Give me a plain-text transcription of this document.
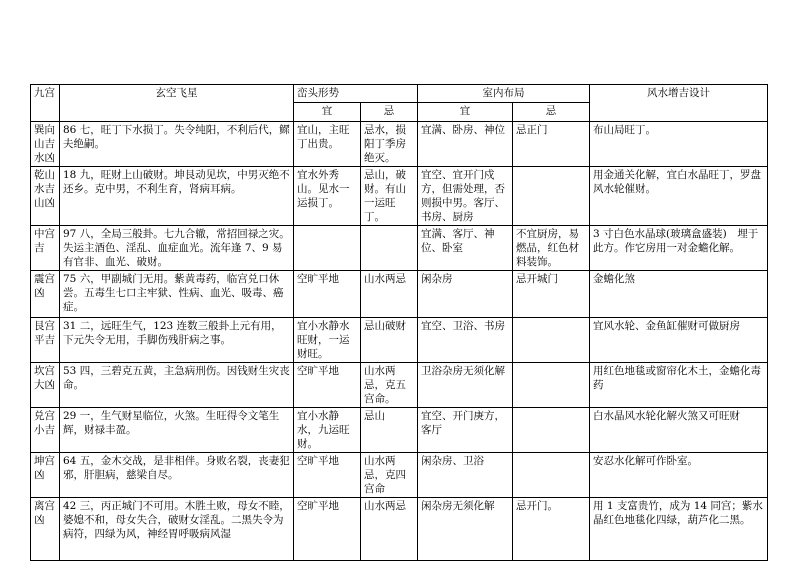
九宫	玄空飞星	峦头形势		室内布局		风水增吉设计
		宜	忌	宜	忌	
巽向山吉水凶	86 七，旺丁下水损丁。失令纯阳，不利后代，鳏夫绝嗣。	宜山，主旺丁出贵。	忌水，损阳丁季房绝灭。	宜满、卧房、神位	忌正门	布山局旺丁。
乾山水吉山凶	18 九，旺财上山破财。坤艮动见坎，中男灭绝不还乡。克中男，不利生育，肾病耳病。	宜水外秀山。见水一运损丁。	忌山，破财。有山一运旺丁。	宜空、宜开门戍方，但需处理，否则损中男。客厅、书房、厨房		用金通关化解，宜白水晶旺丁，罗盘风水轮催财。
中宫吉	97 八，全局三般卦。七九合辙，常招回禄之灾。失运主酒色、淫乱、血症血光。流年逢 7、9 易有官非、血光、破财。			宜满、客厅、神位、卧室	不宜厨房，易燃品，红色材料装饰。	3 寸白色水晶球(玻璃盒盛装)　埋于此方。作它房用一对金蟾化解。
震宫凶	75 六，甲副城门无用。紫黄毒药，临宫兑口休尝。五毒生七口主牢狱、性病、血光、吸毒、癌症。	空旷平地	山水两忌	闲杂房	忌开城门	金蟾化煞
艮宫平吉	31 二，远旺生气，123 连数三般卦上元有用，下元失令无用，手脚伤残肝病之事。	宜小水静水旺财，一运财旺。	忌山破财	宜空、卫浴、书房		宜风水轮、金鱼缸催财可做厨房
坎宫大凶	53 四，三碧克五黄，主急病刑伤。因钱财生灾丧命。	空旷平地	山水两忌，克五宫命。	卫浴杂房无须化解		用红色地毯或窗帘化木土，金蟾化毒药
兑宫小吉	29 一，生气财星临位，火煞。生旺得令文笔生辉，财禄丰盈。	宜小水静水，九运旺财。	忌山	宜空、开门庚方，客厅		白水晶风水轮化解火煞又可旺财
坤宫凶	64 五，金木交战，是非相伴。身败名裂，丧妻犯邪，肝胆病，慈梁自尽。	空旷平地	山水两忌，克四宫命	闲杂房、卫浴		安忍水化解可作卧室。
离宫凶	42 三，丙正城门不可用。木胜土败，母女不睦，婆媳不和，母女失合，破财女淫乱。二黑失令为病符，四绿为风，神经胃呼吸病风湿	空旷平地	山水两忌	闲杂房无须化解	忌开门。	用 1 支富贵竹，成为 14 同宫；紫水晶红色地毯化四绿，葫芦化二黑。
